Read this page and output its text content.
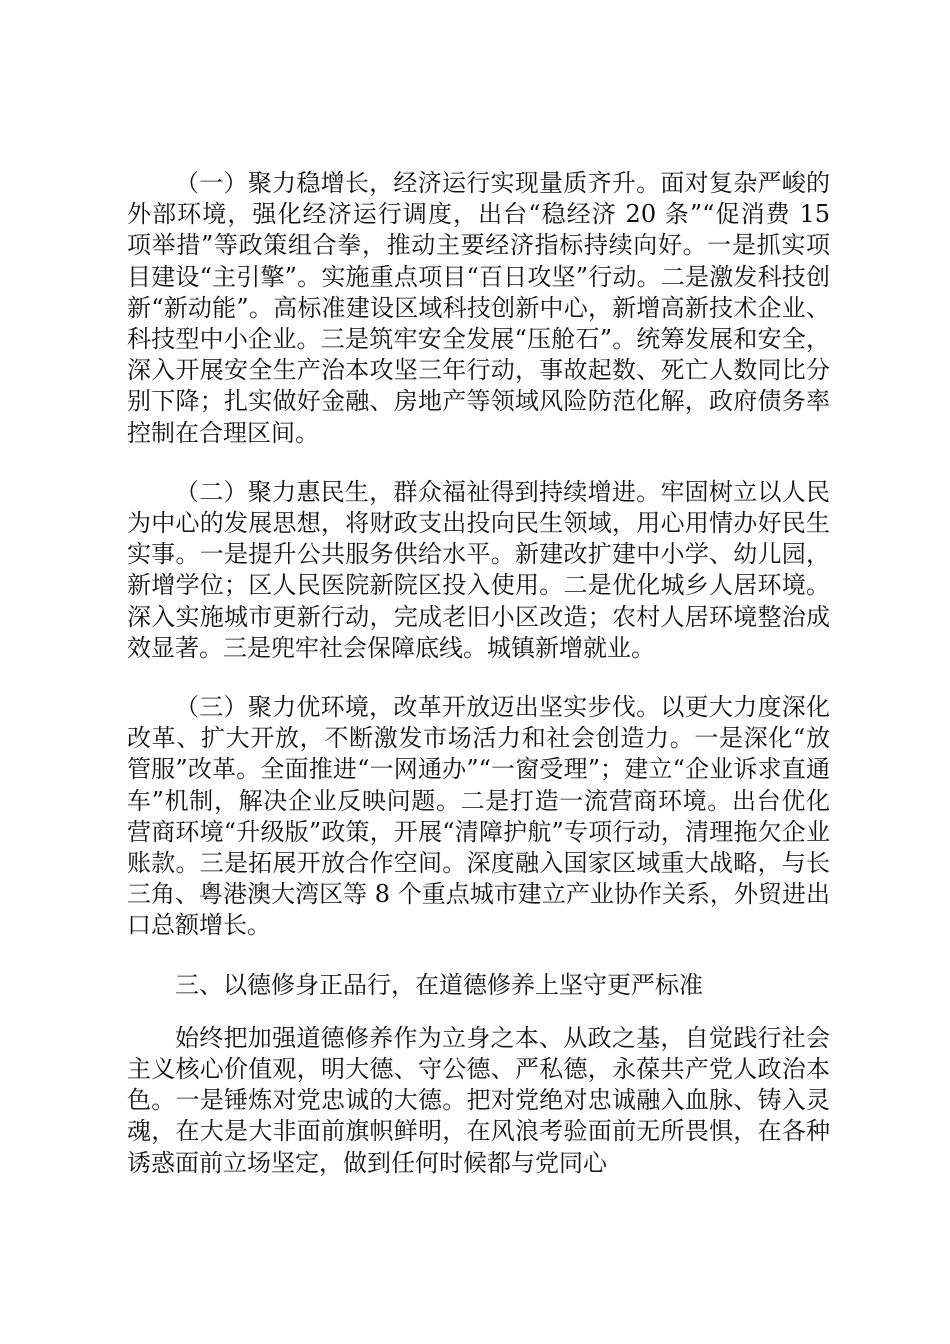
（一）聚力稳增长，经济运行实现量质齐升。面对复杂严峻的外部环境，强化经济运行调度，出台“稳经济 20 条”“促消费 15 项举措”等政策组合拳，推动主要经济指标持续向好。一是抓实项目建设“主引擎”。实施重点项目“百日攻坚”行动。二是激发科技创新“新动能”。高标准建设区域科技创新中心，新增高新技术企业、科技型中小企业。三是筑牢安全发展“压舱石”。统筹发展和安全，深入开展安全生产治本攻坚三年行动，事故起数、死亡人数同比分别下降；扎实做好金融、房地产等领域风险防范化解，政府债务率控制在合理区间。

（二）聚力惠民生，群众福祉得到持续增进。牢固树立以人民为中心的发展思想，将财政支出投向民生领域，用心用情办好民生实事。一是提升公共服务供给水平。新建改扩建中小学、幼儿园，新增学位；区人民医院新院区投入使用。二是优化城乡人居环境。深入实施城市更新行动，完成老旧小区改造；农村人居环境整治成效显著。三是兜牢社会保障底线。城镇新增就业。

（三）聚力优环境，改革开放迈出坚实步伐。以更大力度深化改革、扩大开放，不断激发市场活力和社会创造力。一是深化“放管服”改革。全面推进“一网通办”“一窗受理”；建立“企业诉求直通车”机制，解决企业反映问题。二是打造一流营商环境。出台优化营商环境“升级版”政策，开展“清障护航”专项行动，清理拖欠企业账款。三是拓展开放合作空间。深度融入国家区域重大战略，与长三角、粤港澳大湾区等 8 个重点城市建立产业协作关系，外贸进出口总额增长。

三、以德修身正品行，在道德修养上坚守更严标准

始终把加强道德修养作为立身之本、从政之基，自觉践行社会主义核心价值观，明大德、守公德、严私德，永葆共产党人政治本色。一是锤炼对党忠诚的大德。把对党绝对忠诚融入血脉、铸入灵魂，在大是大非面前旗帜鲜明，在风浪考验面前无所畏惧，在各种诱惑面前立场坚定，做到任何时候都与党同心
